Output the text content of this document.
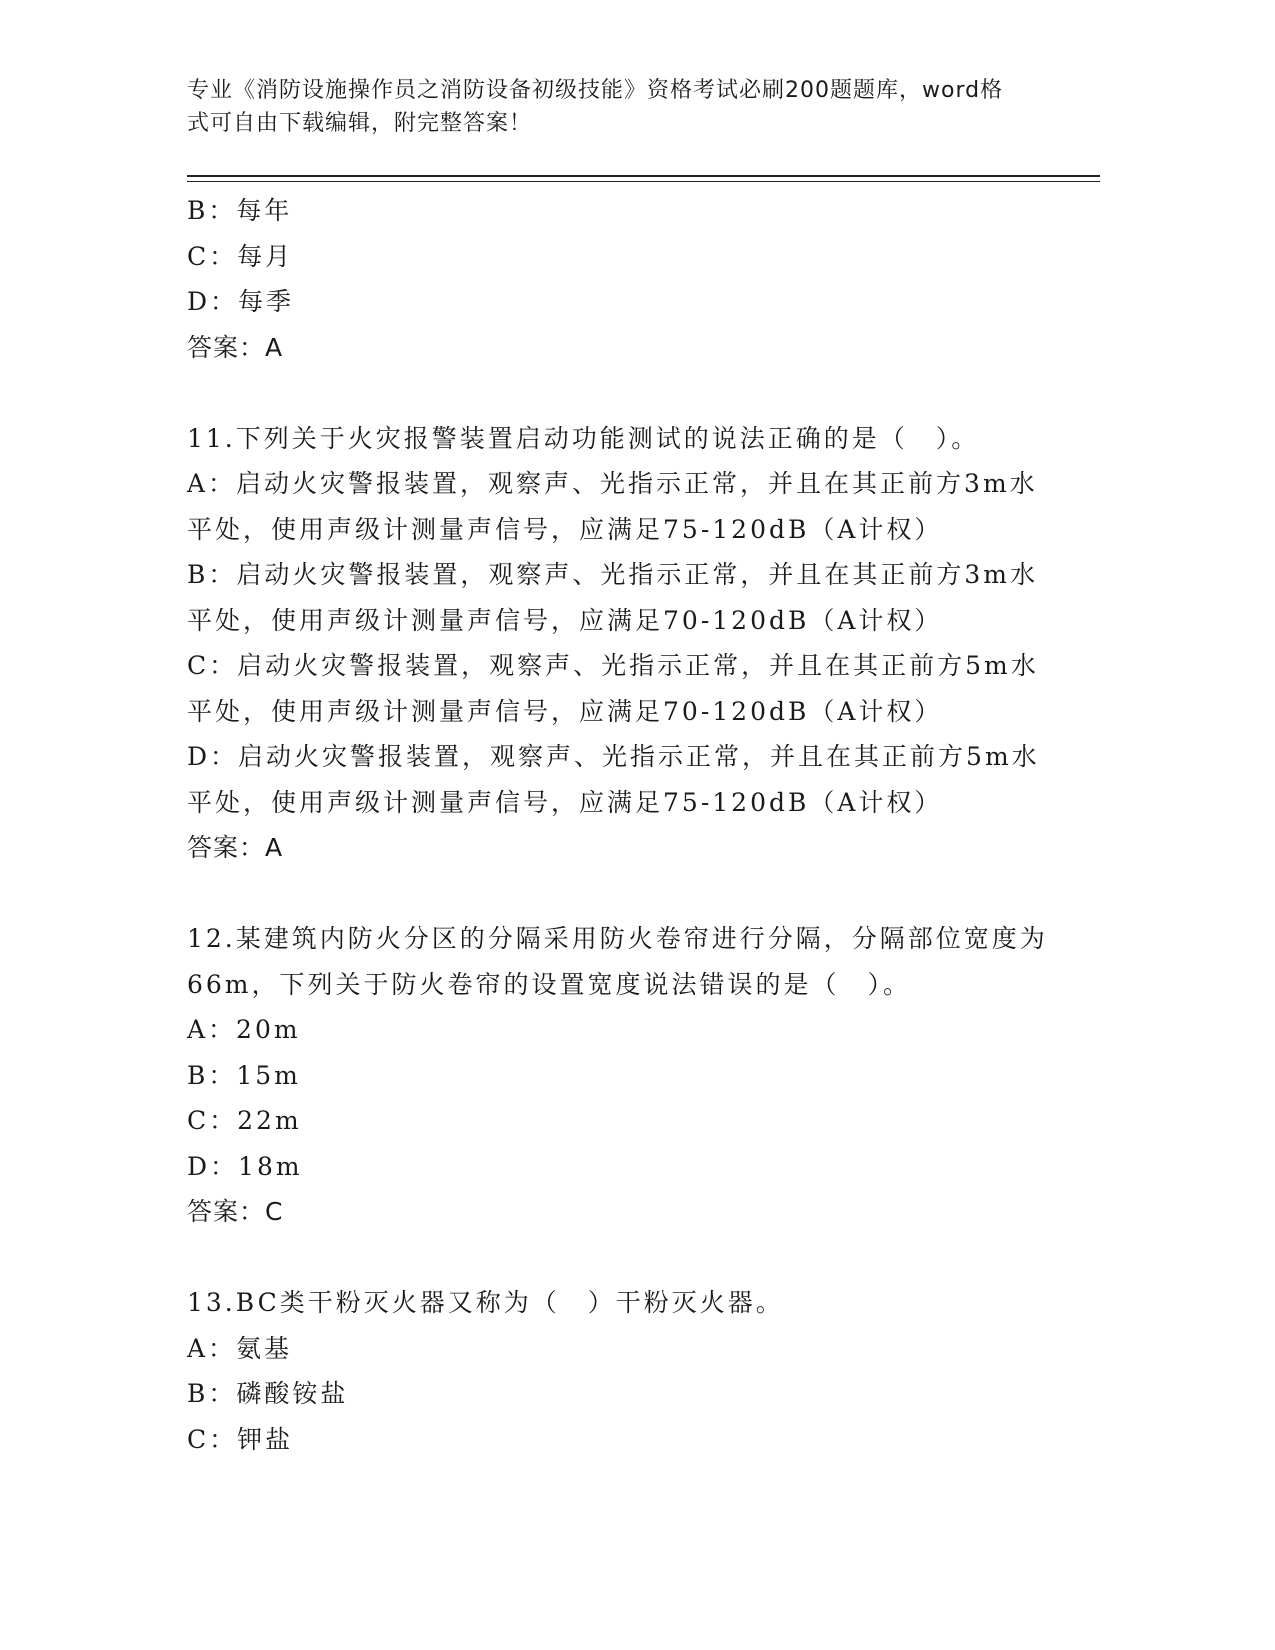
专业《消防设施操作员之消防设备初级技能》资格考试必刷200题题库，word格
式可自由下载编辑，附完整答案！
B：每年
C：每月
D：每季
答案：A
11.下列关于火灾报警装置启动功能测试的说法正确的是（　）。
A：启动火灾警报装置，观察声、光指示正常，并且在其正前方3m水
平处，使用声级计测量声信号，应满足75-120dB（A计权）
B：启动火灾警报装置，观察声、光指示正常，并且在其正前方3m水
平处，使用声级计测量声信号，应满足70-120dB（A计权）
C：启动火灾警报装置，观察声、光指示正常，并且在其正前方5m水
平处，使用声级计测量声信号，应满足70-120dB（A计权）
D：启动火灾警报装置，观察声、光指示正常，并且在其正前方5m水
平处，使用声级计测量声信号，应满足75-120dB（A计权）
答案：A
12.某建筑内防火分区的分隔采用防火卷帘进行分隔，分隔部位宽度为
66m，下列关于防火卷帘的设置宽度说法错误的是（　）。
A：20m
B：15m
C：22m
D：18m
答案：C
13.BC类干粉灭火器又称为（　）干粉灭火器。
A：氨基
B：磷酸铵盐
C：钾盐
